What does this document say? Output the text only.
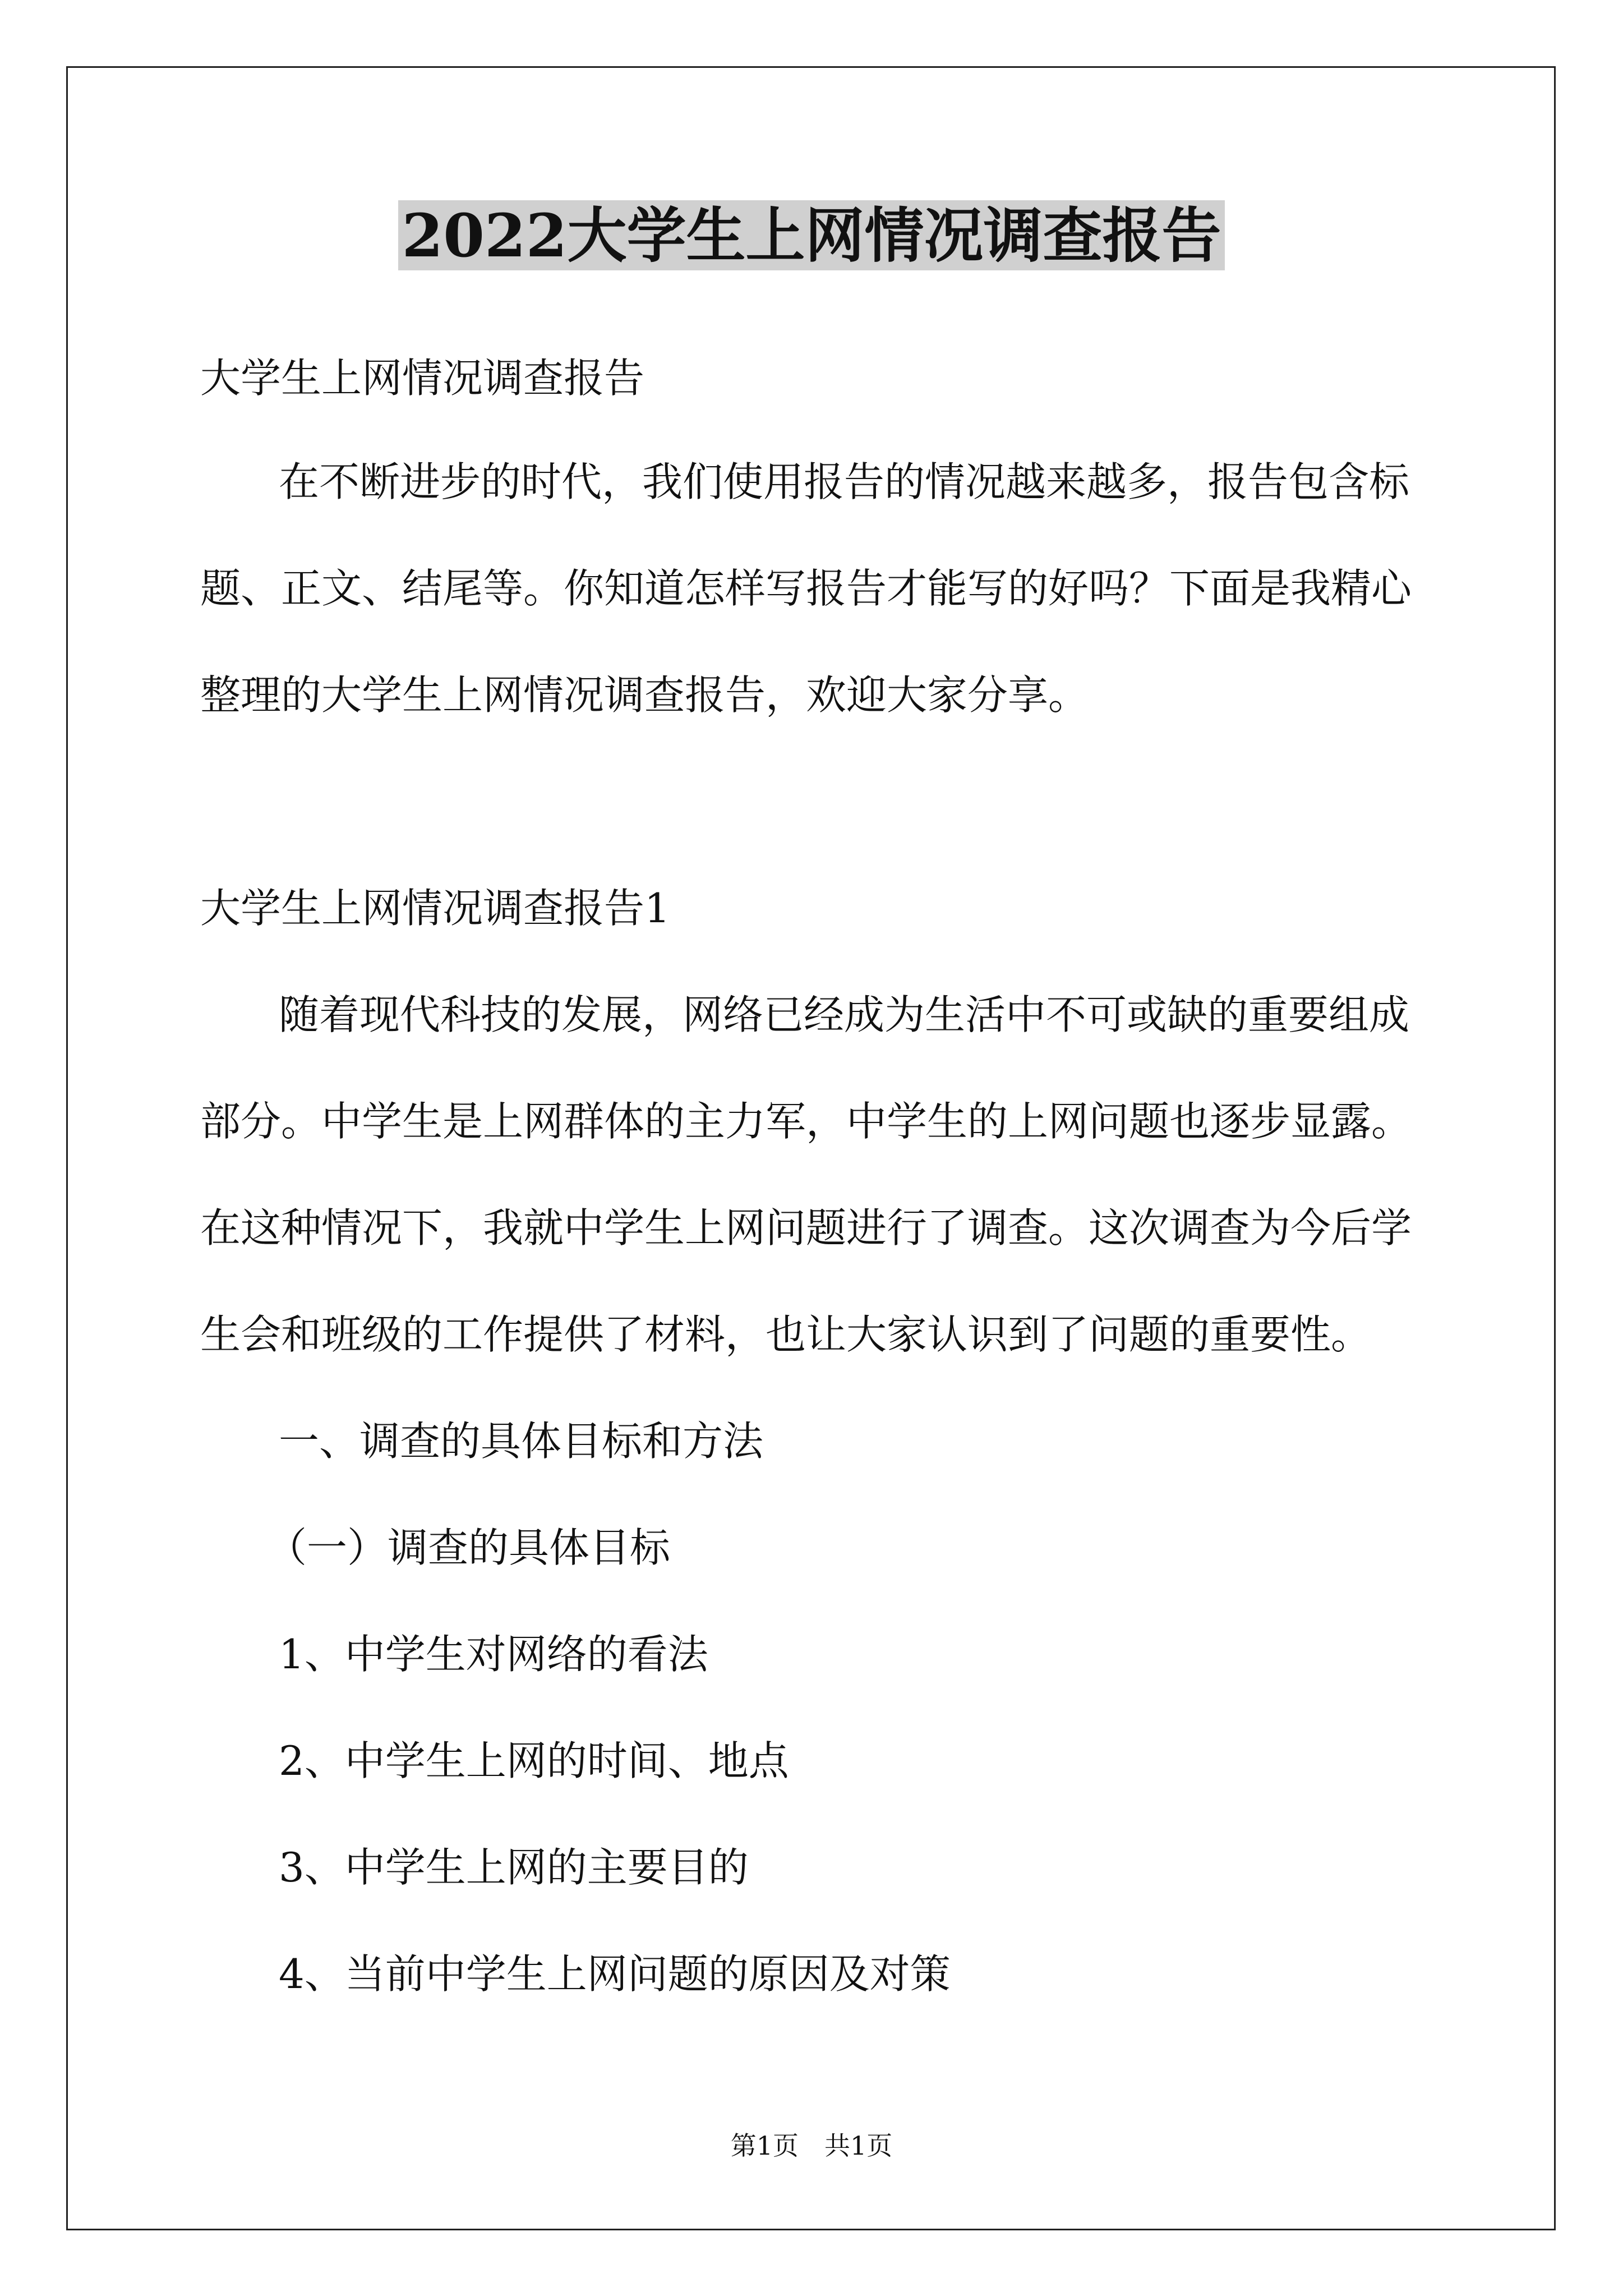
2022大学生上网情况调查报告

大学生上网情况调查报告

在不断进步的时代，我们使用报告的情况越来越多，报告包含标

题、正文、结尾等。你知道怎样写报告才能写的好吗？下面是我精心

整理的大学生上网情况调查报告，欢迎大家分享。

大学生上网情况调查报告1

随着现代科技的发展，网络已经成为生活中不可或缺的重要组成

部分。中学生是上网群体的主力军，中学生的上网问题也逐步显露。

在这种情况下，我就中学生上网问题进行了调查。这次调查为今后学

生会和班级的工作提供了材料，也让大家认识到了问题的重要性。

一、调查的具体目标和方法

（一）调查的具体目标

1、中学生对网络的看法

2、中学生上网的时间、地点

3、中学生上网的主要目的

4、当前中学生上网问题的原因及对策

第1页　共1页
